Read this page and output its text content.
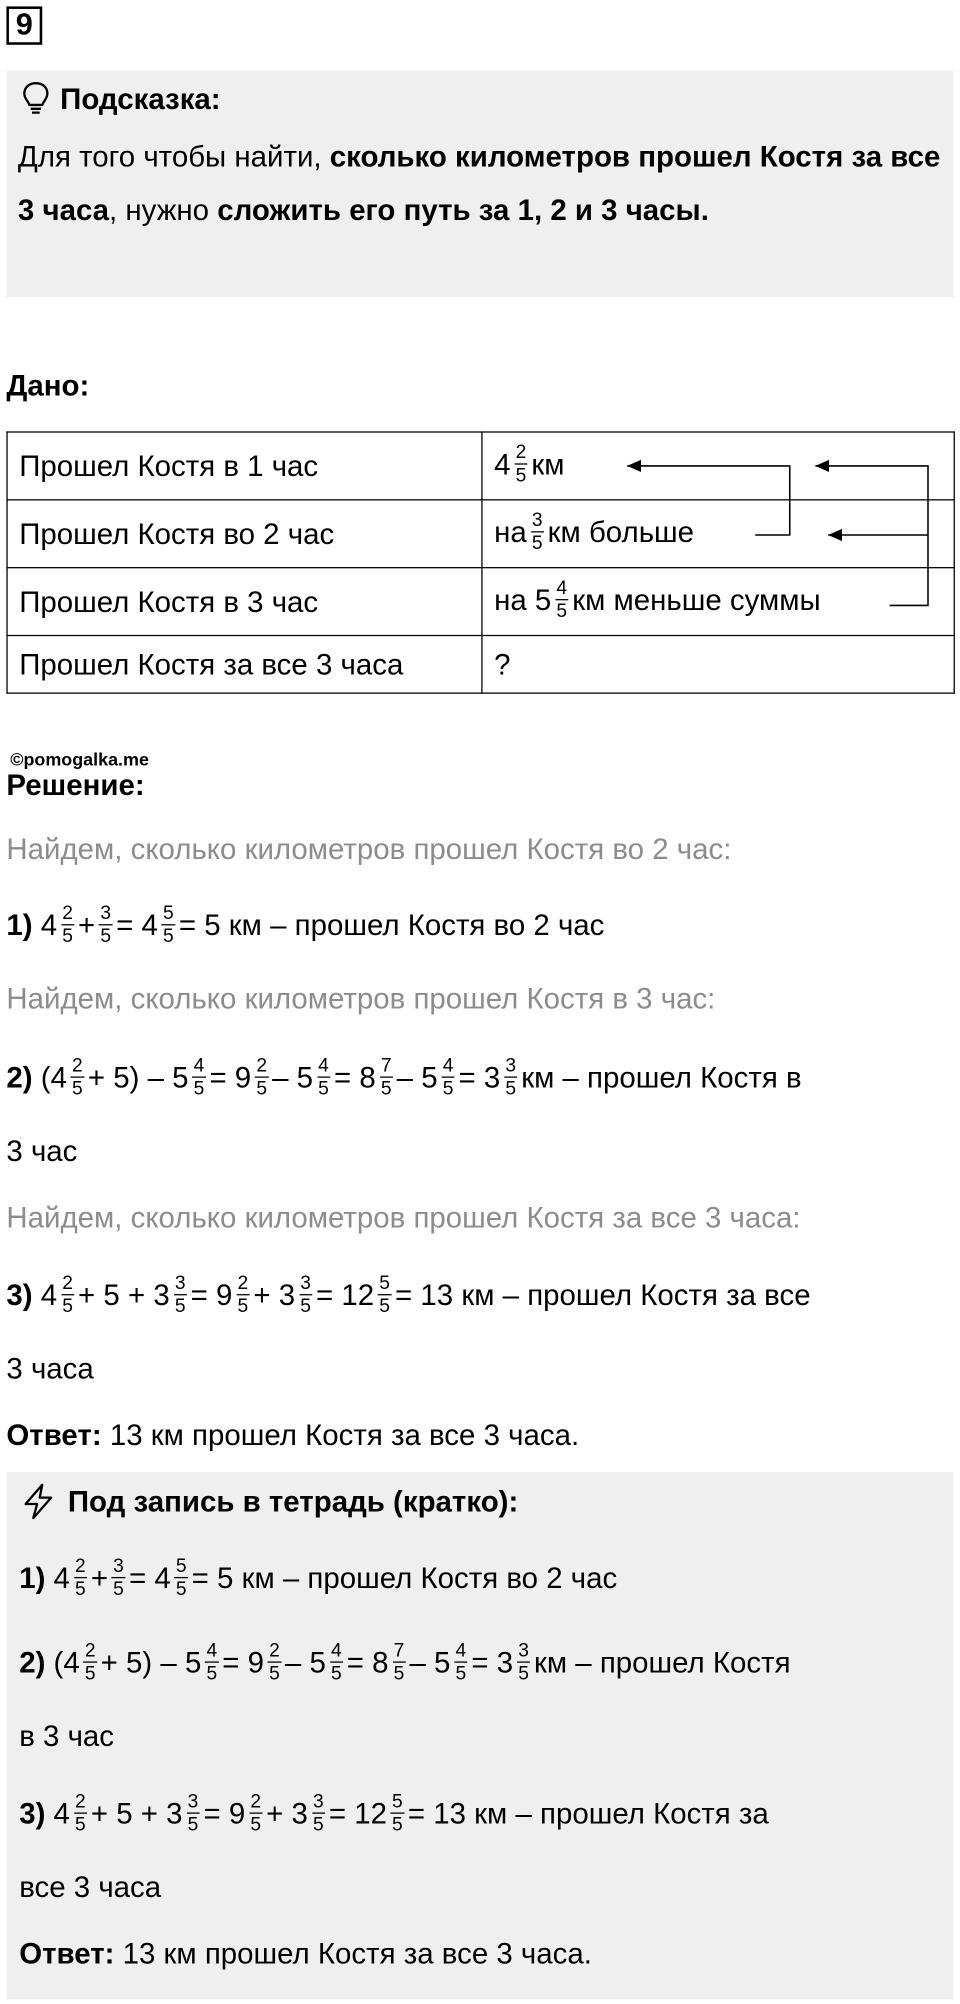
9
Подсказка:
Для того чтобы найти, сколько километров прошел Костя за все 3 часа, нужно сложить его путь за 1, 2 и 3 часы.
Дано:
Прошел Костя в 1 час	$4 \frac{2}{5}$ км
Прошел Костя во 2 час	на $\frac{3}{5}$ км больше
Прошел Костя в 3 час	на $5 \frac{4}{5}$ км меньше суммы
Прошел Костя за все 3 часа	?
©pomogalka.me
Решение:
Найдем, сколько километров прошел Костя во 2 час:
1) $4 \frac{2}{5} + \frac{3}{5} = 4 \frac{5}{5} = 5$ км – прошел Костя во 2 час
Найдем, сколько километров прошел Костя в 3 час:
2) $(4 \frac{2}{5} + 5) - 5 \frac{4}{5} = 9 \frac{2}{5} - 5 \frac{4}{5} = 8 \frac{7}{5} - 5 \frac{4}{5} = 3 \frac{3}{5}$ км – прошел Костя в
3 час
Найдем, сколько километров прошел Костя за все 3 часа:
3) $4 \frac{2}{5} + 5 + 3 \frac{3}{5} = 9 \frac{2}{5} + 3 \frac{3}{5} = 12 \frac{5}{5} = 13$ км – прошел Костя за все
3 часа
Ответ: 13 км прошел Костя за все 3 часа.
Под запись в тетрадь (кратко):
1) $4 \frac{2}{5} + \frac{3}{5} = 4 \frac{5}{5} = 5$ км – прошел Костя во 2 час
2) $(4 \frac{2}{5} + 5) - 5 \frac{4}{5} = 9 \frac{2}{5} - 5 \frac{4}{5} = 8 \frac{7}{5} - 5 \frac{4}{5} = 3 \frac{3}{5}$ км – прошел Костя
в 3 час
3) $4 \frac{2}{5} + 5 + 3 \frac{3}{5} = 9 \frac{2}{5} + 3 \frac{3}{5} = 12 \frac{5}{5} = 13$ км – прошел Костя за
все 3 часа
Ответ: 13 км прошел Костя за все 3 часа.
